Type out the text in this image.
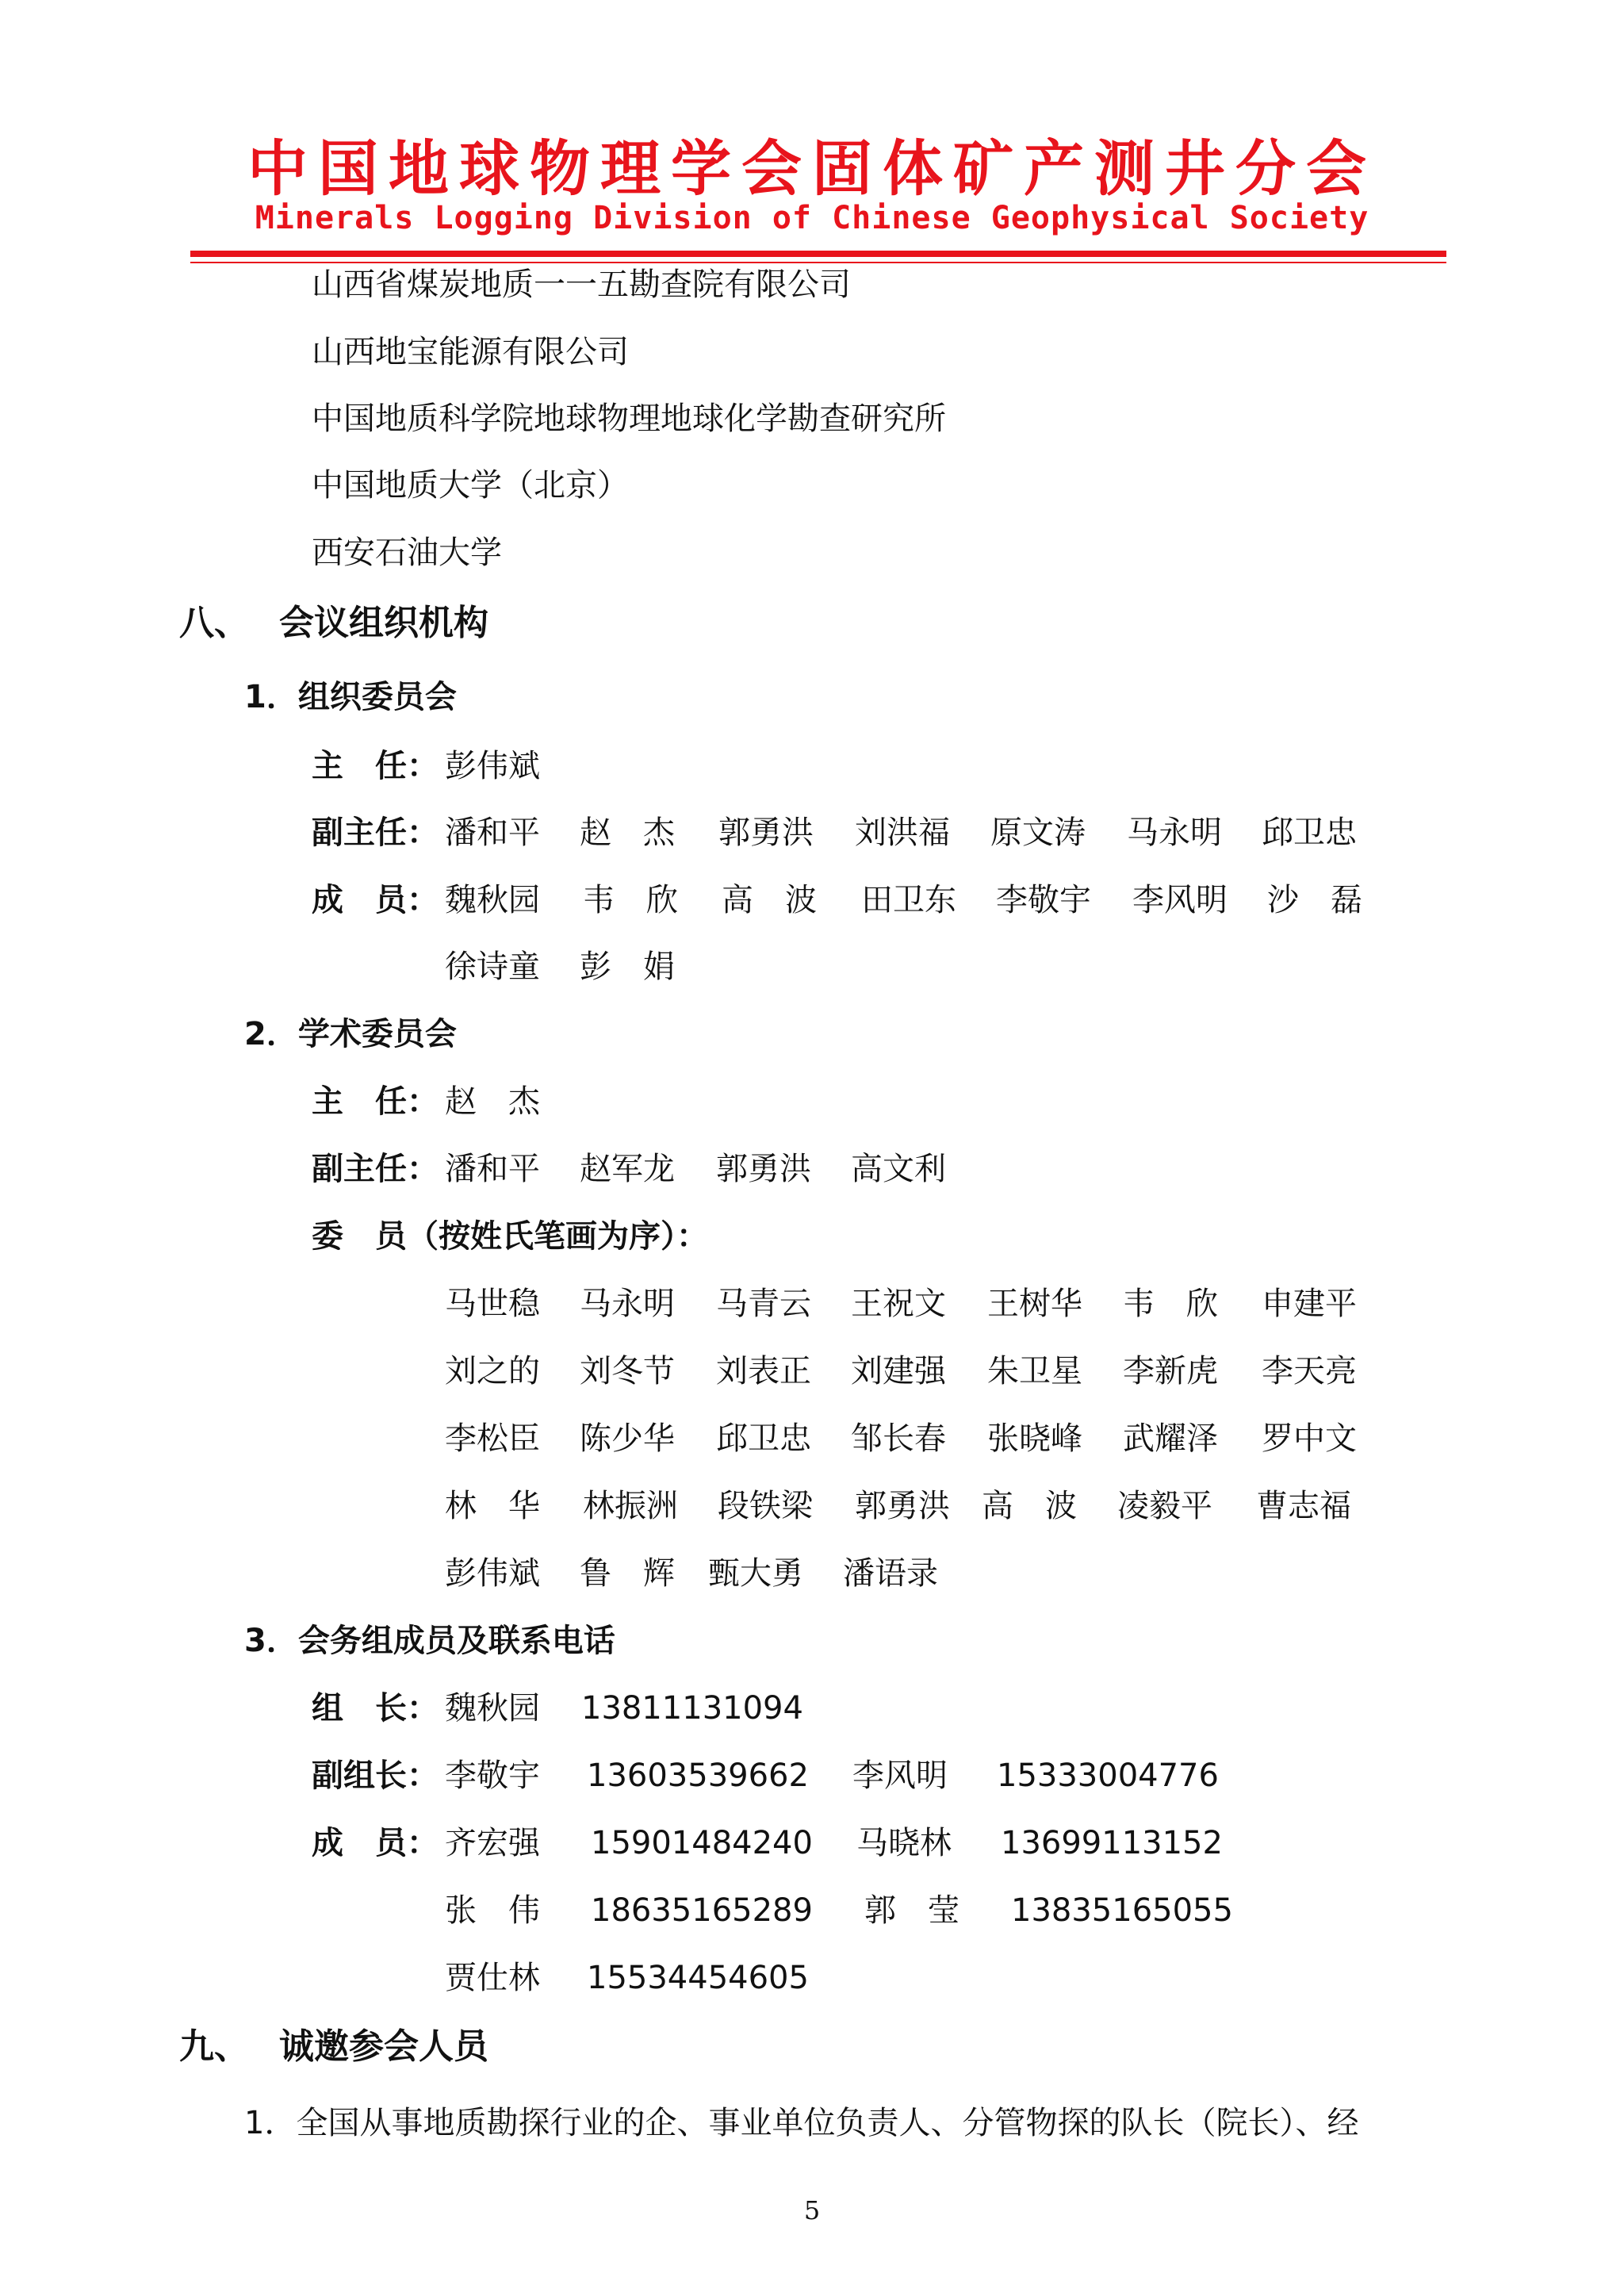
中国地球物理学会固体矿产测井分会
Minerals Logging Division of Chinese Geophysical Society
山西省煤炭地质一一五勘查院有限公司
山西地宝能源有限公司
中国地质科学院地球物理地球化学勘查研究所
中国地质大学（北京）
西安石油大学
八、 会议组织机构
1．组织委员会
主　任： 彭伟斌
副主任： 潘和平 赵　杰 郭勇洪 刘洪福 原文涛 马永明 邱卫忠
成　员： 魏秋园 韦　欣 高　波 田卫东 李敬宇 李风明 沙　磊
徐诗童 彭　娟
2．学术委员会
主　任： 赵　杰
副主任： 潘和平 赵军龙 郭勇洪 高文利
委　员（按姓氏笔画为序）：
马世稳 马永明 马青云 王祝文 王树华 韦　欣 申建平
刘之的 刘冬节 刘表正 刘建强 朱卫星 李新虎 李天亮
李松臣 陈少华 邱卫忠 邹长春 张晓峰 武耀泽 罗中文
林　华 林振洲 段铁梁 郭勇洪 高　波 凌毅平 曹志福
彭伟斌 鲁　辉 甄大勇 潘语录
3．会务组成员及联系电话
组　长： 魏秋园 13811131094
副组长： 李敬宇 13603539662 李风明 15333004776
成　员： 齐宏强 15901484240 马晓林 13699113152
张　伟 18635165289 郭　莹 13835165055
贾仕林 15534454605
九、 诚邀参会人员
1．全国从事地质勘探行业的企、事业单位负责人、分管物探的队长（院长）、经
5
